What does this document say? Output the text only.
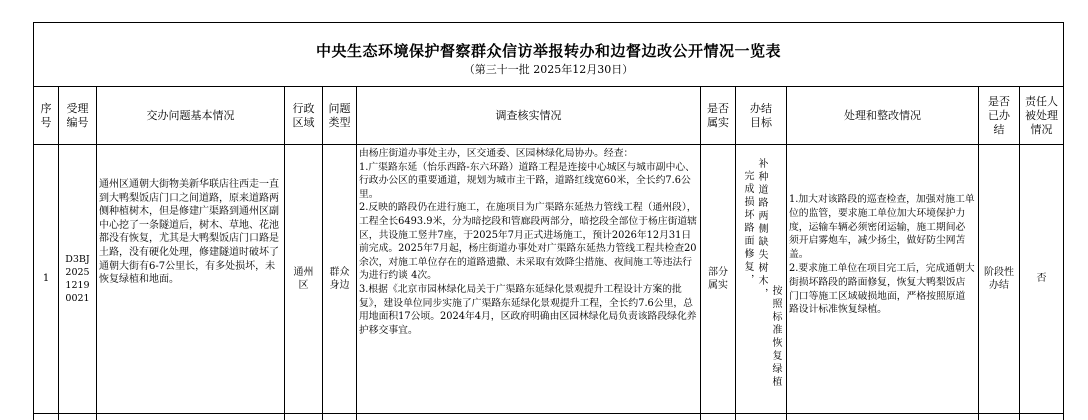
中央生态环境保护督察群众信访举报转办和边督边改公开情况一览表
（第三十一批 2025年12月30日）
序号
受理编号
交办问题基本情况
行政区域
问题类型
调查核实情况
是否属实
办结目标
处理和整改情况
是否已办结
责任人被处理情况
1
D3BJ202512190021
通州区通朝大街物美新华联店往西走一直到大鸭梨饭店门口之间道路，原来道路两侧种植树木，但是修建广渠路到通州区副中心挖了一条隧道后，树木、草地、花池都没有恢复，尤其是大鸭梨饭店门口路是土路，没有硬化处理，修建隧道时破坏了通朝大街有6-7公里长，有多处损坏，未恢复绿植和地面。
通州区
群众身边
由杨庄街道办事处主办，区交通委、区园林绿化局协办。经查：
1.广渠路东延（怡乐西路-东六环路）道路工程是连接中心城区与城市副中心、行政办公区的重要通道，规划为城市主干路，道路红线宽60米，全长约7.6公里。
2.反映的路段仍在进行施工，在施项目为广渠路东延热力管线工程（通州段），工程全长6493.9米，分为暗挖段和管廊段两部分，暗挖段全部位于杨庄街道辖区，共设施工竖井7座，于2025年7月正式进场施工，预计2026年12月31日前完成。2025年7月起，杨庄街道办事处对广渠路东延热力管线工程共检查20余次，对施工单位存在的道路遗撒、未采取有效降尘措施、夜间施工等违法行为进行约谈 4次。
3.根据《北京市园林绿化局关于广渠路东延绿化景观提升工程设计方案的批复》，建设单位同步实施了广渠路东延绿化景观提升工程，全长约7.6公里，总用地面积17公顷。2024年4月，区政府明确由区园林绿化局负责该路段绿化养护移交事宜。
部分属实 完成损坏路面修复， 补种道路两侧缺失树木，
按照标准恢复绿植
1.加大对该路段的巡查检查，加强对施工单位的监管，要求施工单位加大环境保护力度，运输车辆必须密闭运输，施工期间必须开启雾炮车，减少扬尘，做好防尘网苫盖。
2.要求施工单位在项目完工后，完成通朝大街损坏路段的路面修复，恢复大鸭梨饭店门口等施工区域破损地面，严格按照原道路设计标准恢复绿植。
阶段性办结
否
